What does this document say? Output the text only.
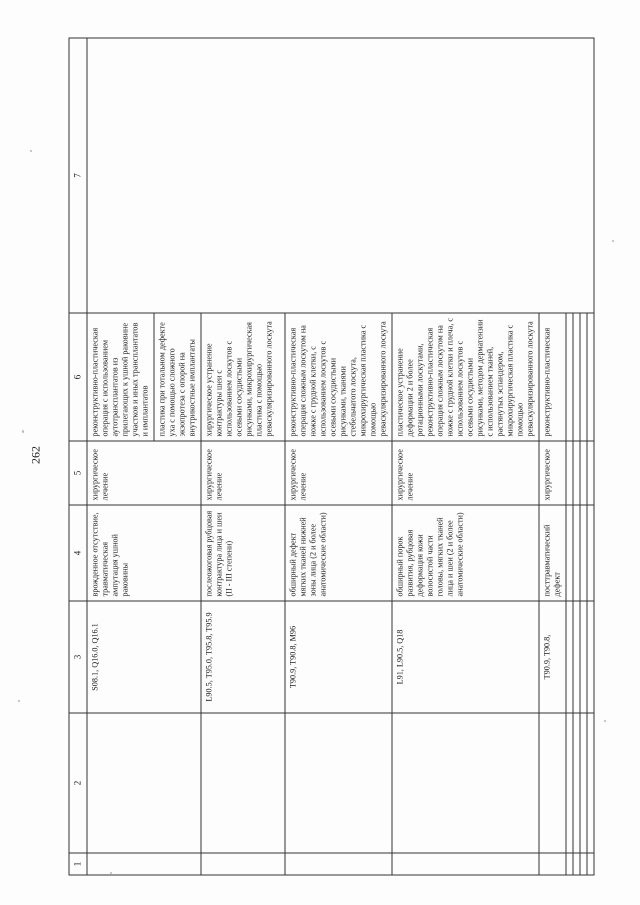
262
1	2	3	4	5	6	7
		S08.1, Q16.0, Q16.1	врожденное отсутствие, травматическая ампутация ушной раковины	хирургическое лечение	реконструктивно-пластическая операция с использованием аутотрансплантатов из прилегающих к ушной раковине участков и иных трансплантатов и имплантатов	
					пластика при тотальном дефекте уха с помощью сложного экзопротеза с опорой на внутрикостные имплантаты	
		L90.5, T95.0, T95.8, T95.9	послеожоговая рубцовая контрактура лица и шеи (II - III степени)	хирургическое лечение	хирургическое устранение контрактуры шеи с использованием лоскутов с осевыми сосудистыми рисунками, микрохирургическая пластика с помощью реваскуляризированного лоскута	
		T90.9, T90.8, M96	обширный дефект мягких тканей нижней зоны лица (2 и более анатомические области)	хирургическое лечение	реконструктивно-пластическая операция сложным лоскутом на ножке с грудной клетки, с использованием лоскутов с осевыми сосудистыми рисунками, тканями стебельчатого лоскута, микрохирургическая пластика с помощью реваскуляризированного лоскута	
		L91, L90.5, Q18	обширный порок развития, рубцовая деформация кожи волосистой части головы, мягких тканей лица и шеи (2 и более анатомические области)	хирургическое лечение	пластическое устранение деформации 2 и более ротационными лоскутами, реконструктивно-пластическая операция сложным лоскутом на ножке с грудной клетки и плеча, с использованием лоскутов с осевыми сосудистыми рисунками, методом дерматензии с использованием тканей, растянутых эспандером, микрохирургическая пластика с помощью реваскуляризированного лоскута	
		T90.9, T90.8,	посттравматический дефект	хирургическое	реконструктивно-пластическая	
